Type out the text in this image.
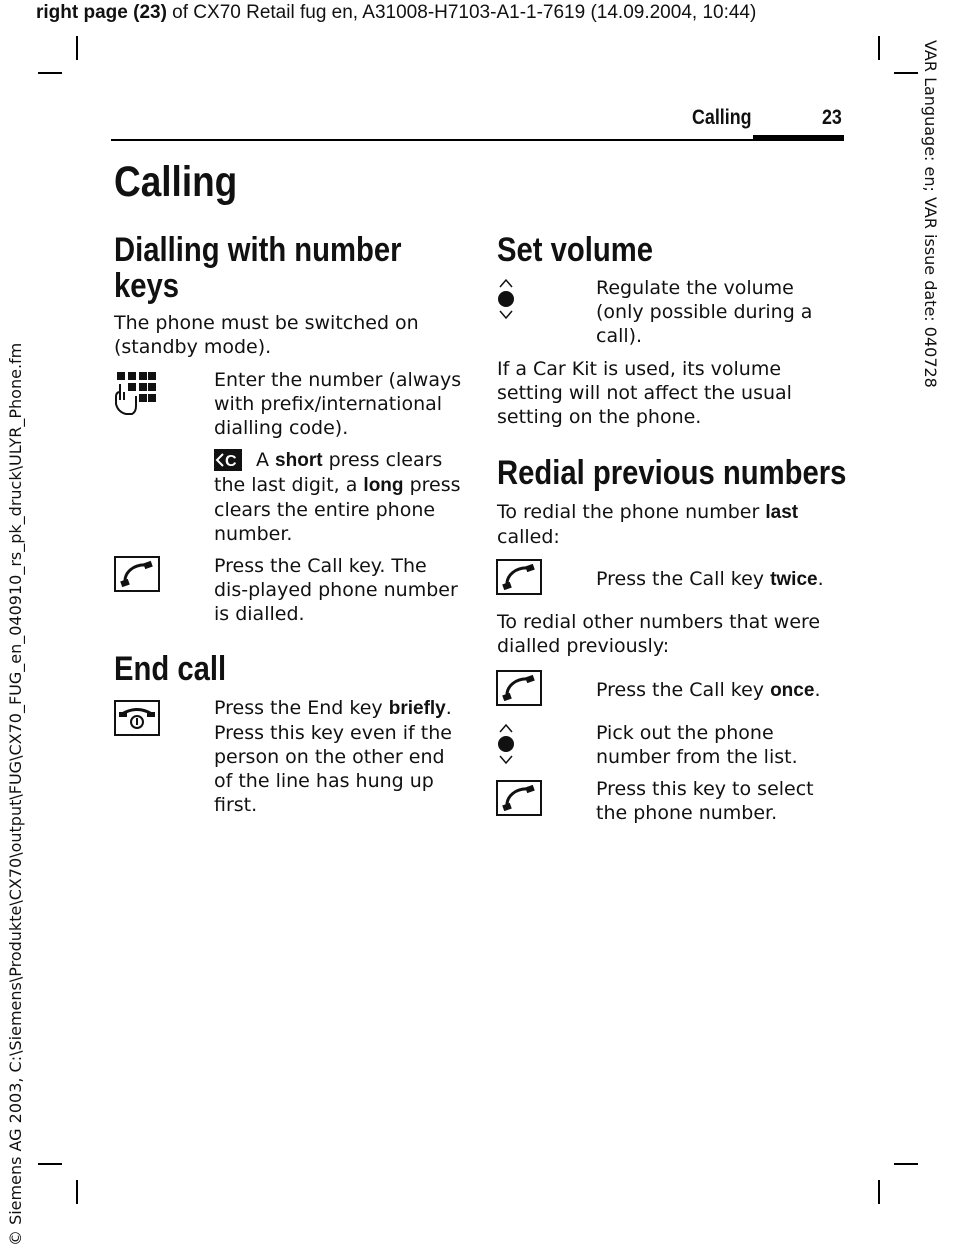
right page (23) of CX70 Retail fug en, A31008-H7103-A1-1-7619 (14.09.2004, 10:44)
VAR Language: en; VAR issue date: 040728
© Siemens AG 2003, C:\Siemens\Produkte\CX70\output\FUG\CX70_FUG_en_040910_rs_pk_druck\ULYR_Phone.fm
Calling	23
Calling
Dialling with number keys
The phone must be switched on (standby mode).
Enter the number (always with prefix/international dialling code).
C	A short press clears the last digit, a long press clears the entire phone number.
Press the Call key. The dis-played phone number is dialled.
End call
Press the End key briefly. Press this key even if the person on the other end of the line has hung up first.
Set volume
Regulate the volume (only possible during a call).
If a Car Kit is used, its volume setting will not affect the usual setting on the phone.
Redial previous numbers
To redial the phone number last called:
Press the Call key twice.
To redial other numbers that were dialled previously:
Press the Call key once.
Pick out the phone number from the list.
Press this key to select the phone number.
